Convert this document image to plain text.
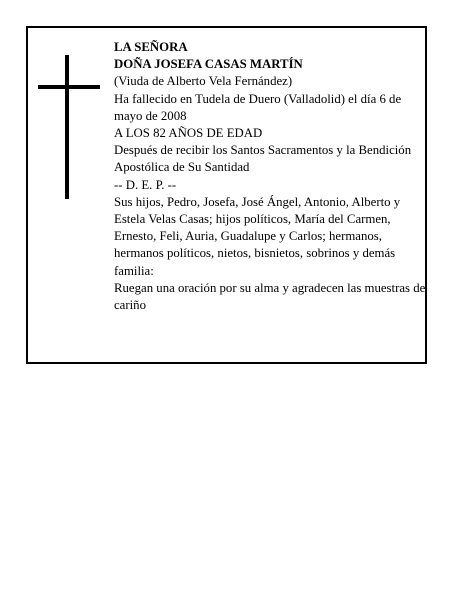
LA SEÑORA
DOÑA JOSEFA CASAS MARTÍN
(Viuda de Alberto Vela Fernández)
Ha fallecido en Tudela de Duero (Valladolid) el día 6 de mayo de 2008
A LOS 82 AÑOS DE EDAD
Después de recibir los Santos Sacramentos y la Bendición Apostólica de Su Santidad
-- D. E. P. --
Sus hijos, Pedro, Josefa, José Ángel, Antonio, Alberto y Estela Velas Casas; hijos políticos, María del Carmen, Ernesto, Feli, Auria, Guadalupe y Carlos; hermanos, hermanos políticos, nietos, bisnietos, sobrinos y demás familia:
Ruegan una oración por su alma y agradecen las muestras de cariño
